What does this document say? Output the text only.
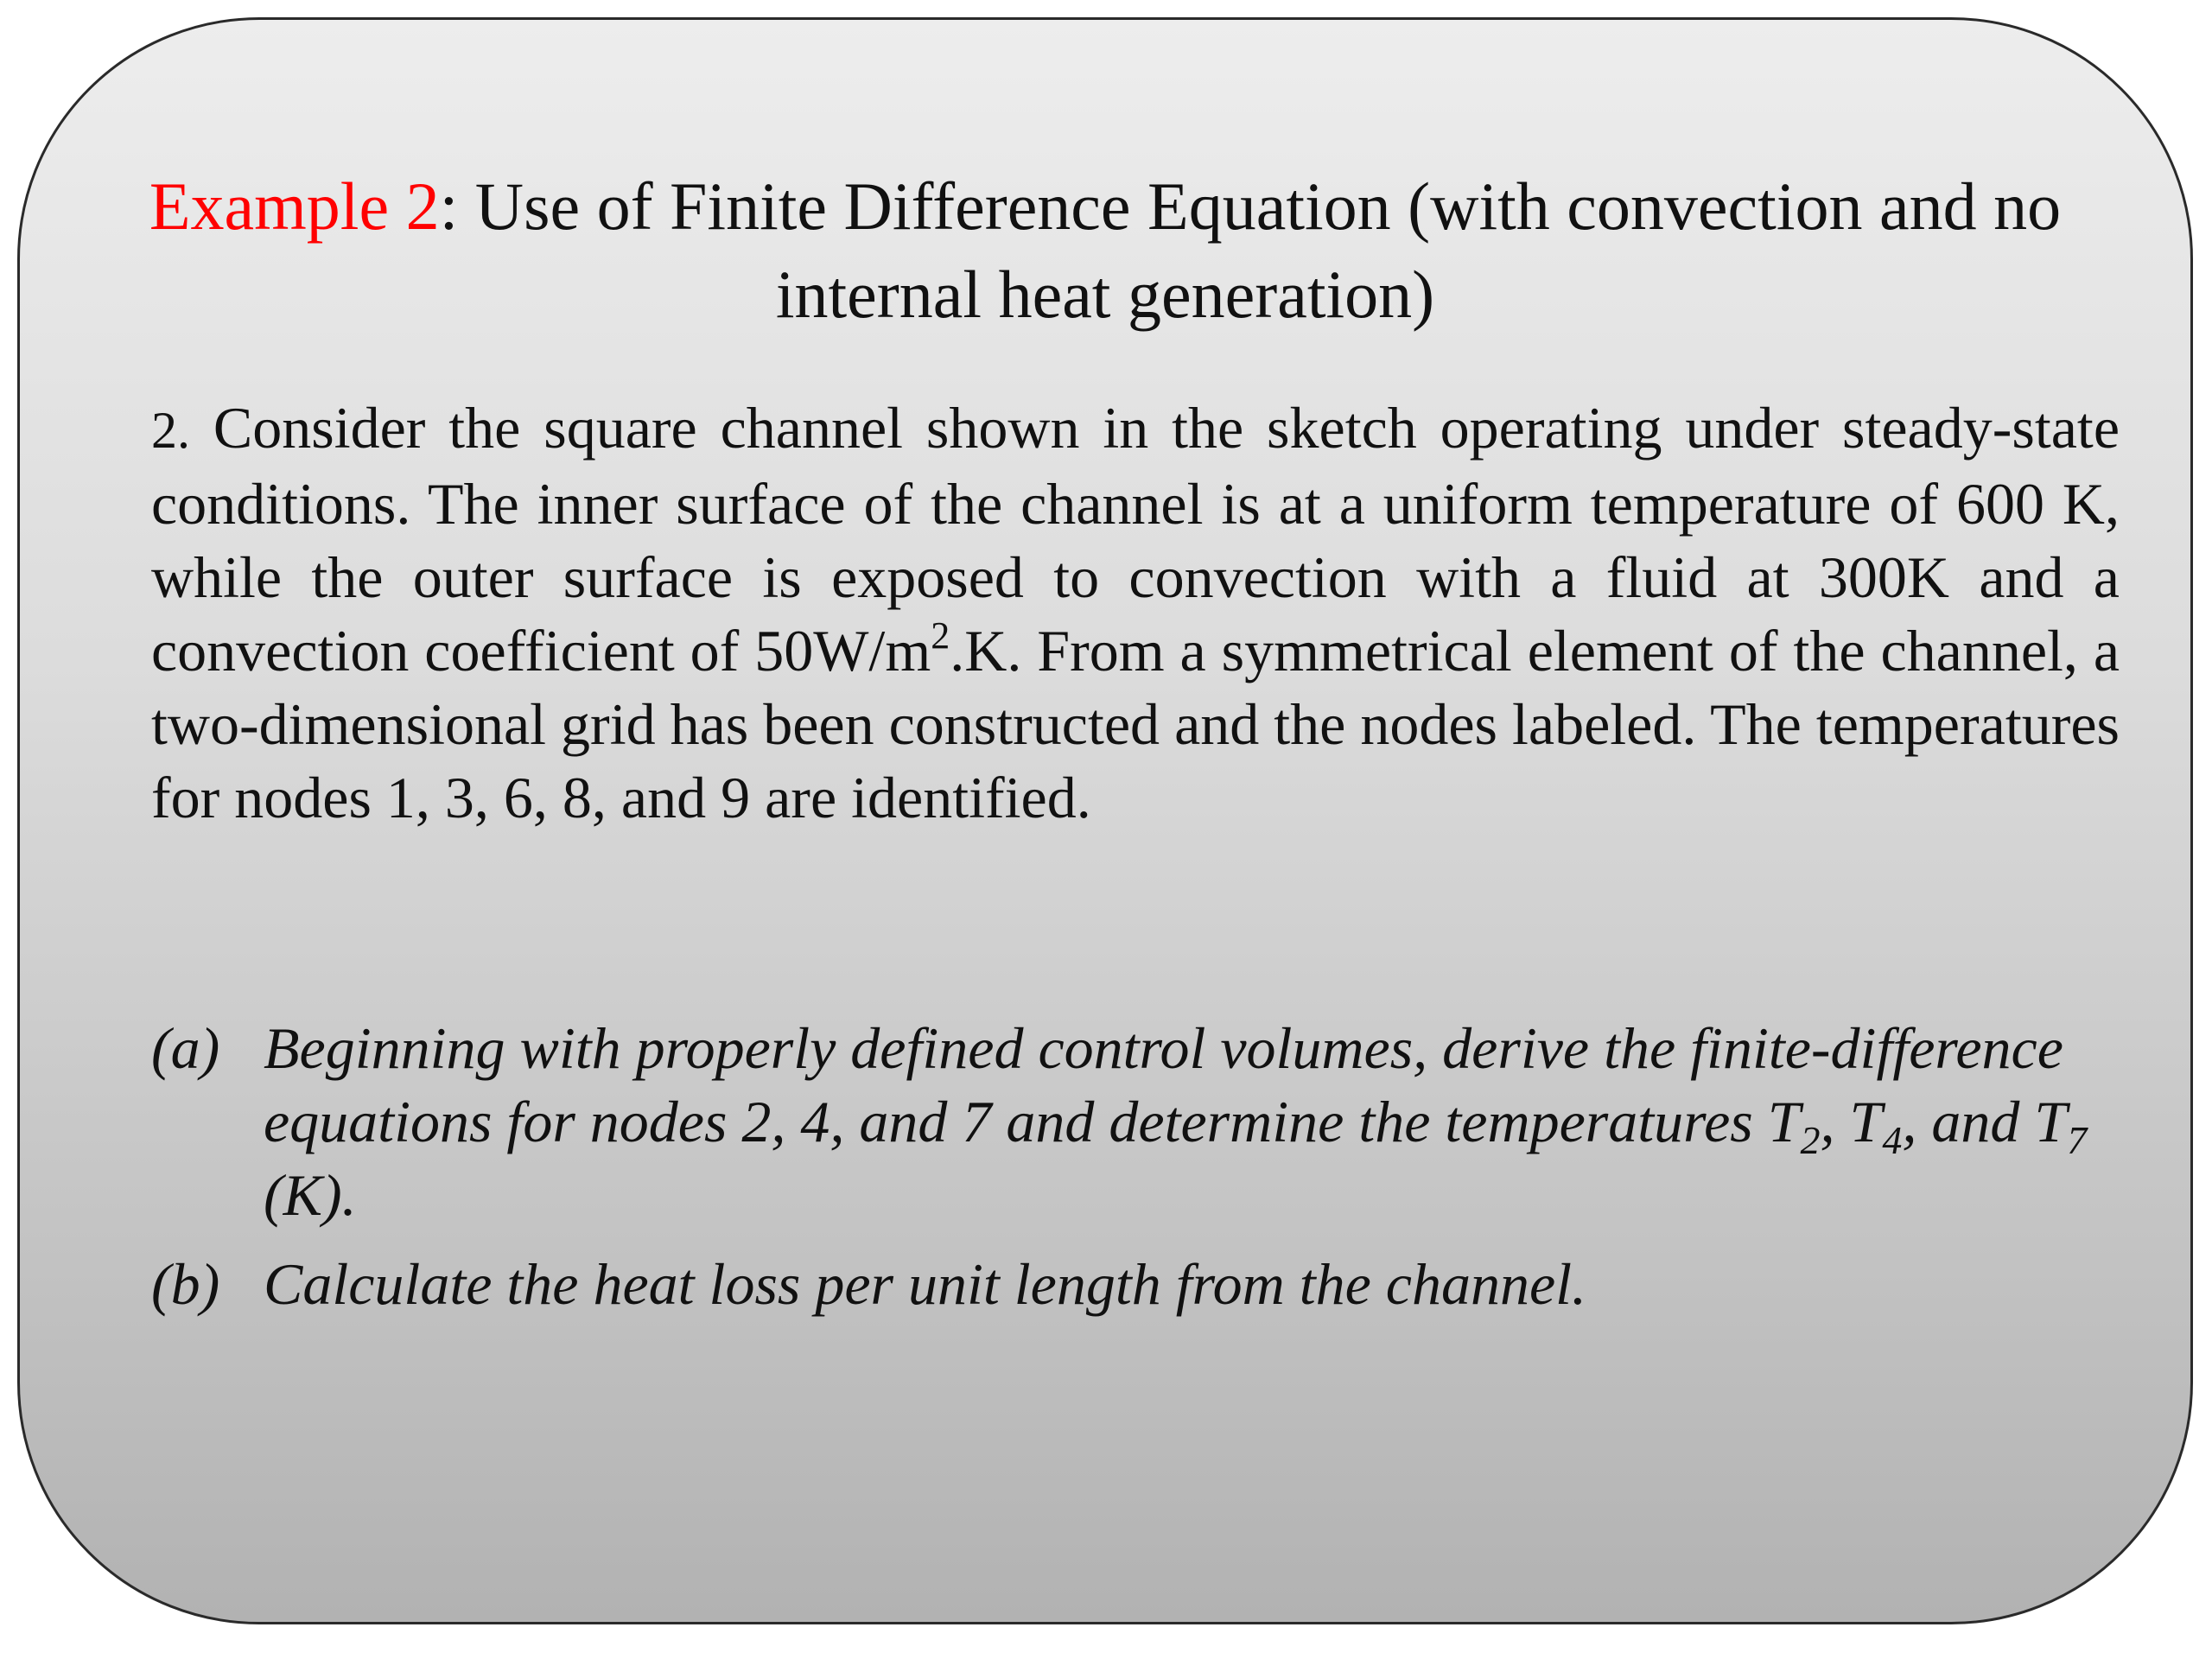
Example 2: Use of Finite Difference Equation (with convection and no internal heat generation)
2. Consider the square channel shown in the sketch operating under steady-state conditions. The inner surface of the channel is at a uniform temperature of 600 K, while the outer surface is exposed to convection with a fluid at 300K and a convection coefficient of $50W/m^2.K$. From a symmetrical element of the channel, a two-dimensional grid has been constructed and the nodes labeled. The temperatures for nodes 1, 3, 6, 8, and 9 are identified.
(a) Beginning with properly defined control volumes, derive the finite-difference equations for nodes 2, 4, and 7 and determine the temperatures $T_2$, $T_4$, and $T_7$ (K).
(b) Calculate the heat loss per unit length from the channel.
